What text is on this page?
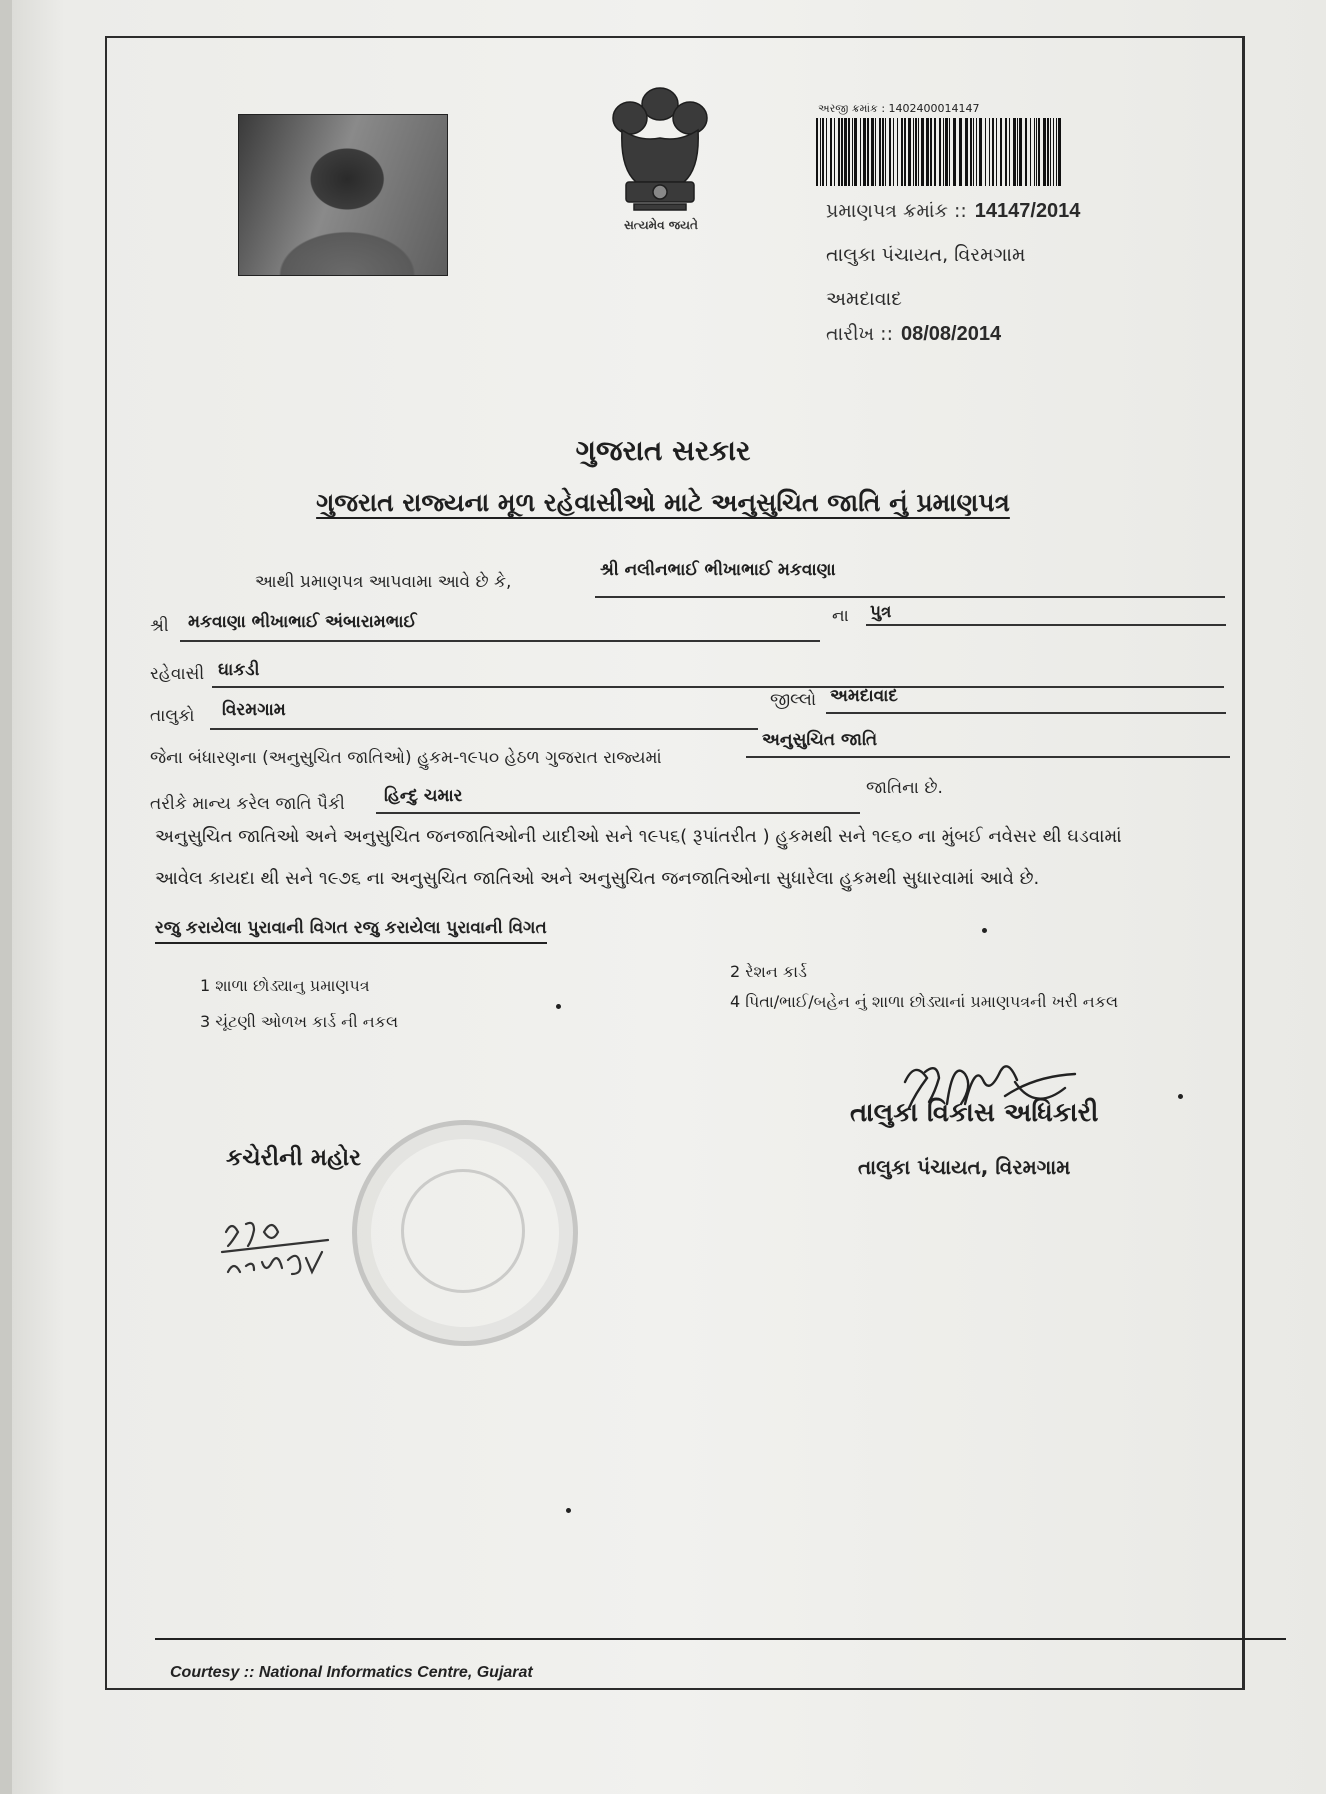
સત્યમેવ જયતે
અરજી ક્રમાંક : 1402400014147
પ્રમાણપત્ર ક્રમાંક :: 14147/2014
તાલુકા પંચાયત, વિરમગામ
અમદાવાદ
તારીખ :: 08/08/2014
ગુજરાત સરકાર
ગુજરાત રાજ્યના મૂળ રહેવાસીઓ માટે અનુસુચિત જાતિ નું પ્રમાણપત્ર
આથી પ્રમાણપત્ર આપવામા આવે છે કે,
શ્રી નલીનભાઈ ભીખાભાઈ મકવાણા
શ્રી મકવાણા ભીખાભાઈ અંબારામભાઈ	ના પુત્ર
રહેવાસી ઘાકડી
તાલુકો વિરમગામ	જીલ્લો અમદાવાદ
જેના બંધારણના (અનુસુચિત જાતિઓ) હુકમ-૧૯૫૦ હેઠળ ગુજરાત રાજ્યમાં
અનુસુચિત જાતિ
તરીકે માન્ય કરેલ જાતિ પૈકી હિન્દુ ચમાર	જાતિના છે.
અનુસુચિત જાતિઓ અને અનુસુચિત જનજાતિઓની યાદીઓ સને ૧૯૫૬( રૂપાંતરીત ) હુકમથી સને ૧૯૬૦ ના મુંબઈ નવેસર થી ઘડવામાં
આવેલ કાયદા થી સને ૧૯૭૬ ના અનુસુચિત જાતિઓ અને અનુસુચિત જનજાતિઓના સુધારેલા હુકમથી સુધારવામાં આવે છે.
રજુ કરાયેલા પુરાવાની વિગત રજુ કરાયેલા પુરાવાની વિગત
1 શાળા છોડ્યાનુ પ્રમાણપત્ર
2 રેશન કાર્ડ
3 ચૂંટણી ઓળખ કાર્ડ ની નકલ
4 પિતા/ભાઈ/બહેન નું શાળા છોડ્યાનાં પ્રમાણપત્રની ખરી નકલ
કચેરીની મહોર
તાલુકા વિકાસ અધિકારી
તાલુકા પંચાયત, વિરમગામ
Courtesy :: National Informatics Centre, Gujarat
